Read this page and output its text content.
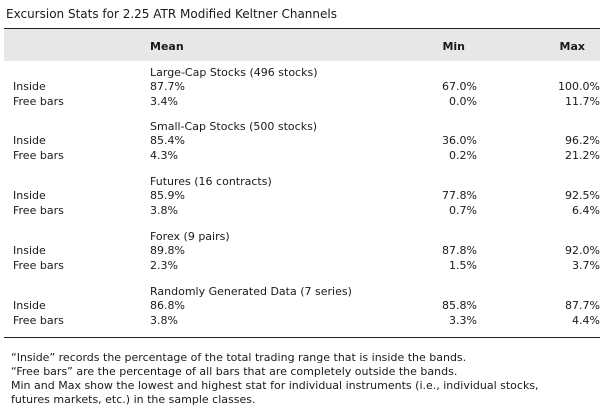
Excursion Stats for 2.25 ATR Modified Keltner Channels
Mean	Min	Max
Large-Cap Stocks (496 stocks)
Inside	87.7%	67.0%	100.0%
Free bars	3.4%	0.0%	11.7%
Small-Cap Stocks (500 stocks)
Inside	85.4%	36.0%	96.2%
Free bars	4.3%	0.2%	21.2%
Futures (16 contracts)
Inside	85.9%	77.8%	92.5%
Free bars	3.8%	0.7%	6.4%
Forex (9 pairs)
Inside	89.8%	87.8%	92.0%
Free bars	2.3%	1.5%	3.7%
Randomly Generated Data (7 series)
Inside	86.8%	85.8%	87.7%
Free bars	3.8%	3.3%	4.4%
“Inside” records the percentage of the total trading range that is inside the bands.
“Free bars” are the percentage of all bars that are completely outside the bands.
Min and Max show the lowest and highest stat for individual instruments (i.e., individual stocks,
futures markets, etc.) in the sample classes.
